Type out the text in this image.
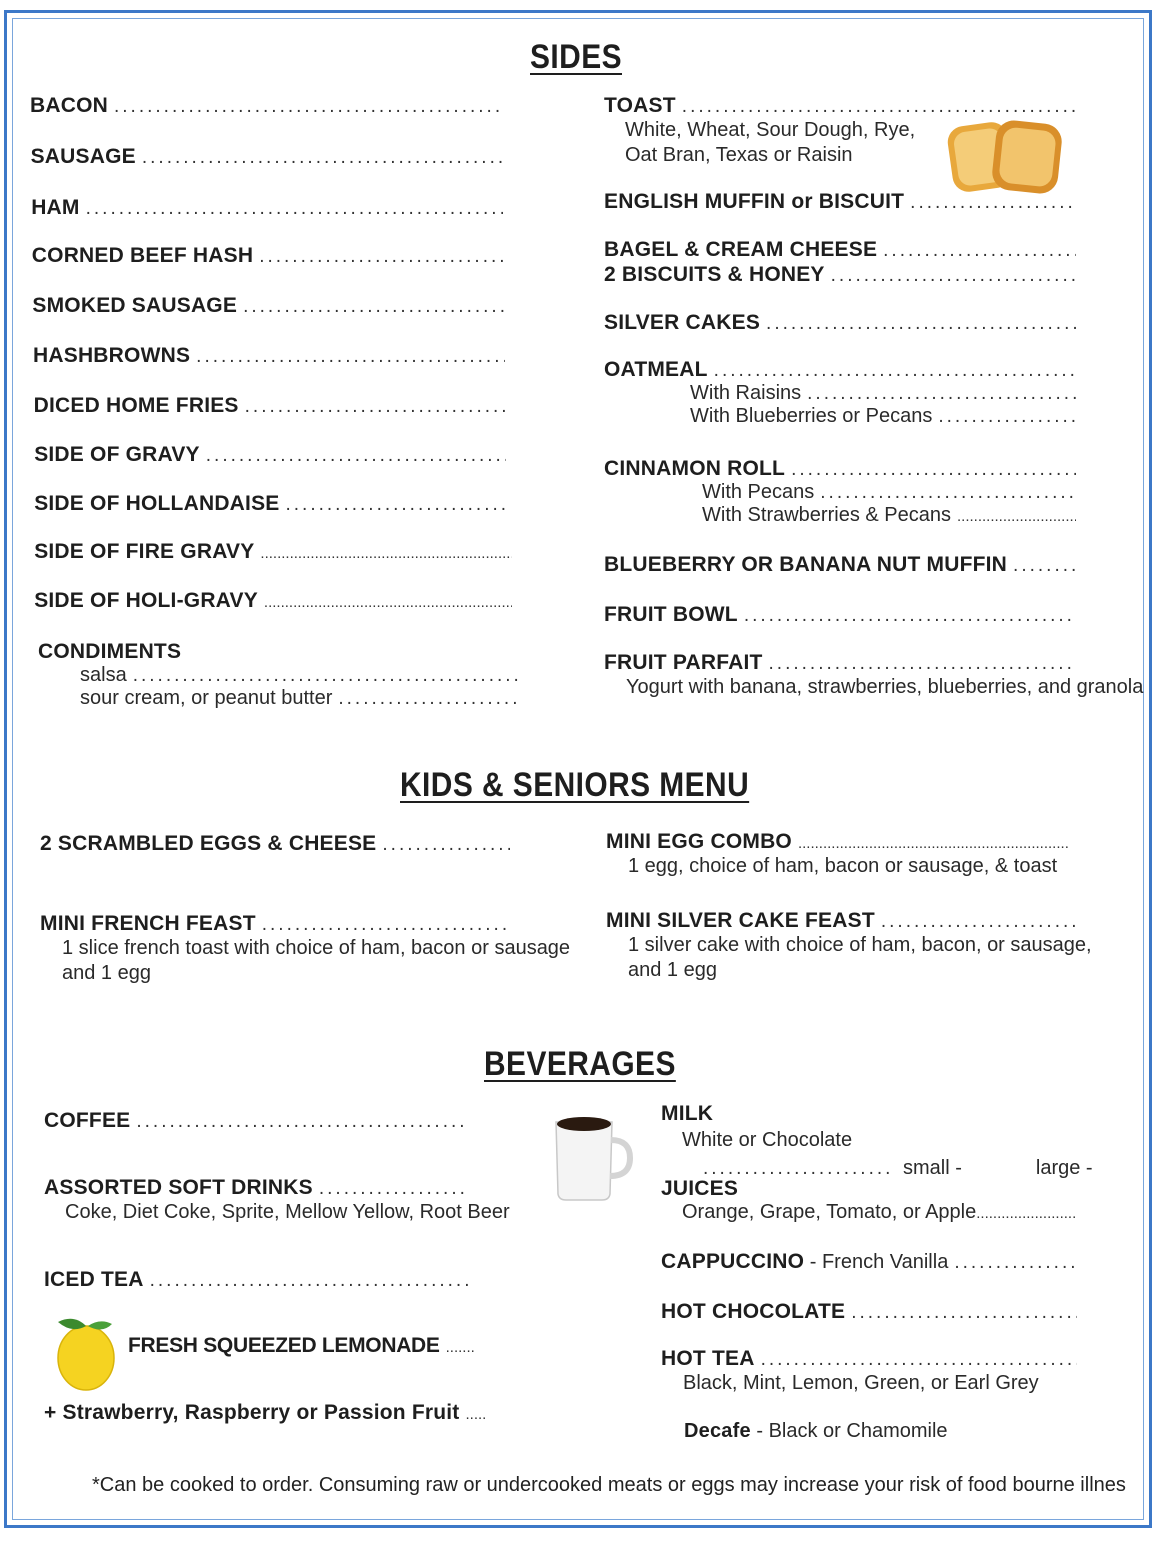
SIDES
BACON
.....
SAUSAGE
.....
HAM
.....
CORNED BEEF HASH
.....
SMOKED SAUSAGE
.....
HASHBROWNS
.....
DICED HOME FRIES
.....
SIDE OF GRAVY
.....
SIDE OF HOLLANDAISE
.....
SIDE OF FIRE GRAVY
.....
SIDE OF HOLI-GRAVY
.....
CONDIMENTS
salsa
.....
sour cream, or peanut butter
.....
TOAST
.....
White, Wheat, Sour Dough, Rye,
Oat Bran, Texas or Raisin
ENGLISH MUFFIN or BISCUIT
.....
BAGEL & CREAM CHEESE
.....
2 BISCUITS & HONEY
.....
SILVER CAKES
.....
OATMEAL
.....
With Raisins
.....
With Blueberries or Pecans
.....
CINNAMON ROLL
.....
With Pecans
.....
With Strawberries & Pecans
.....
BLUEBERRY OR BANANA NUT MUFFIN
.....
FRUIT BOWL
.....
FRUIT PARFAIT
.....
Yogurt with banana, strawberries, blueberries, and granola
KIDS & SENIORS MENU
2 SCRAMBLED EGGS & CHEESE
.....
MINI FRENCH FEAST
.....
1 slice french toast with choice of ham, bacon or sausage
and 1 egg
MINI EGG COMBO
.....
1 egg, choice of ham, bacon or sausage, & toast
MINI SILVER CAKE FEAST
.....
1 silver cake with choice of ham, bacon, or sausage,
and 1 egg
BEVERAGES
COFFEE
.....
ASSORTED SOFT DRINKS
.....
Coke, Diet Coke, Sprite, Mellow Yellow, Root Beer
ICED TEA
.....
FRESH SQUEEZED LEMONADE
.....
+ Strawberry, Raspberry or Passion Fruit
.....
MILK
White or Chocolate
.....
small -	large -
JUICES
Orange, Grape, Tomato, or Apple
.....
CAPPUCCINO - French Vanilla
.....
HOT CHOCOLATE
.....
HOT TEA
.....
Black, Mint, Lemon, Green, or Earl Grey
Decafe - Black or Chamomile
*Can be cooked to order. Consuming raw or undercooked meats or eggs may increase your risk of food bourne illnes
